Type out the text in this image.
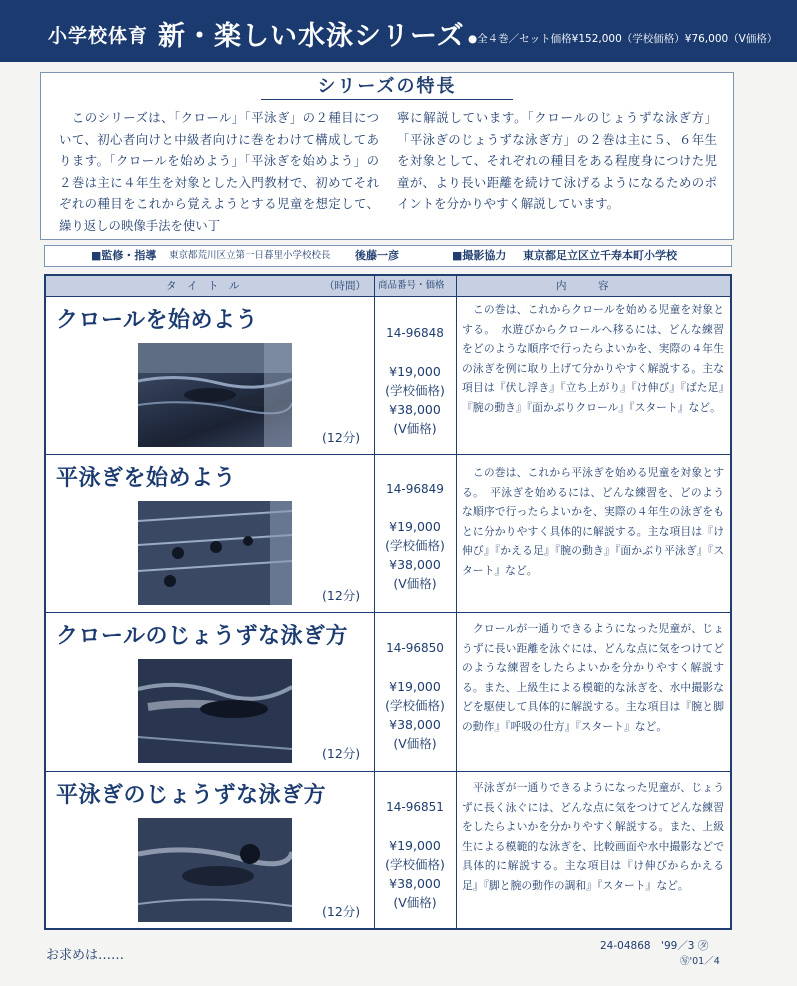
小学校体育 新・楽しい水泳シリーズ ●全４巻／セット価格¥152,000（学校価格）¥76,000（V価格）
シリーズの特長
　このシリーズは、「クロール」「平泳ぎ」の２種目について、初心者向けと中級者向けに巻をわけて構成してあります。「クロールを始めよう」「平泳ぎを始めよう」の２巻は主に４年生を対象とした入門教材で、初めてそれぞれの種目をこれから覚えようとする児童を想定して、繰り返しの映像手法を使い丁
寧に解説しています。「クロールのじょうずな泳ぎ方」「平泳ぎのじょうずな泳ぎ方」の２巻は主に５、６年生を対象として、それぞれの種目をある程度身につけた児童が、より長い距離を続けて泳げるようになるためのポイントを分かりやすく解説しています。
■監修・指導 東京都荒川区立第一日暮里小学校校長 後藤一彦	■撮影協力 東京都足立区立千寿本町小学校
タ　イ　ト　ル	（時間） 商品番号・価格	内　　　容
クロールを始めよう
(12分)
14-96848
¥19,000
(学校価格)
¥38,000
(V価格)
　この巻は、これからクロールを始める児童を対象とする。　水遊びからクロールへ移るには、どんな練習をどのような順序で行ったらよいかを、実際の４年生の泳ぎを例に取り上げて分かりやすく解説する。主な項目は『伏し浮き』『立ち上がり』『け伸び』『ばた足』『腕の動き』『面かぶりクロール』『スタート』など。
平泳ぎを始めよう
(12分)
14-96849
¥19,000
(学校価格)
¥38,000
(V価格)
　この巻は、これから平泳ぎを始める児童を対象とする。　平泳ぎを始めるには、どんな練習を、どのような順序で行ったらよいかを、実際の４年生の泳ぎをもとに分かりやすく具体的に解説する。主な項目は『け伸び』『かえる足』『腕の動き』『面かぶり平泳ぎ』『スタート』など。
クロールのじょうずな泳ぎ方
(12分)
14-96850
¥19,000
(学校価格)
¥38,000
(V価格)
　クロールが一通りできるようになった児童が、じょうずに長い距離を泳ぐには、どんな点に気をつけてどのような練習をしたらよいかを分かりやすく解説する。また、上級生による模範的な泳ぎを、水中撮影などを駆使して具体的に解説する。主な項目は『腕と脚の動作』『呼吸の仕方』『スタート』など。
平泳ぎのじょうずな泳ぎ方
(12分)
14-96851
¥19,000
(学校価格)
¥38,000
(V価格)
　平泳ぎが一通りできるようになった児童が、じょうずに長く泳ぐには、どんな点に気をつけてどんな練習をしたらよいかを分かりやすく解説する。また、上級生による模範的な泳ぎを、比較画面や水中撮影などで具体的に解説する。主な項目は『け伸びからかえる足』『脚と腕の動作の調和』『スタート』など。
お求めは……
24-04868　'99／3 ㋟
㊢'01／4
